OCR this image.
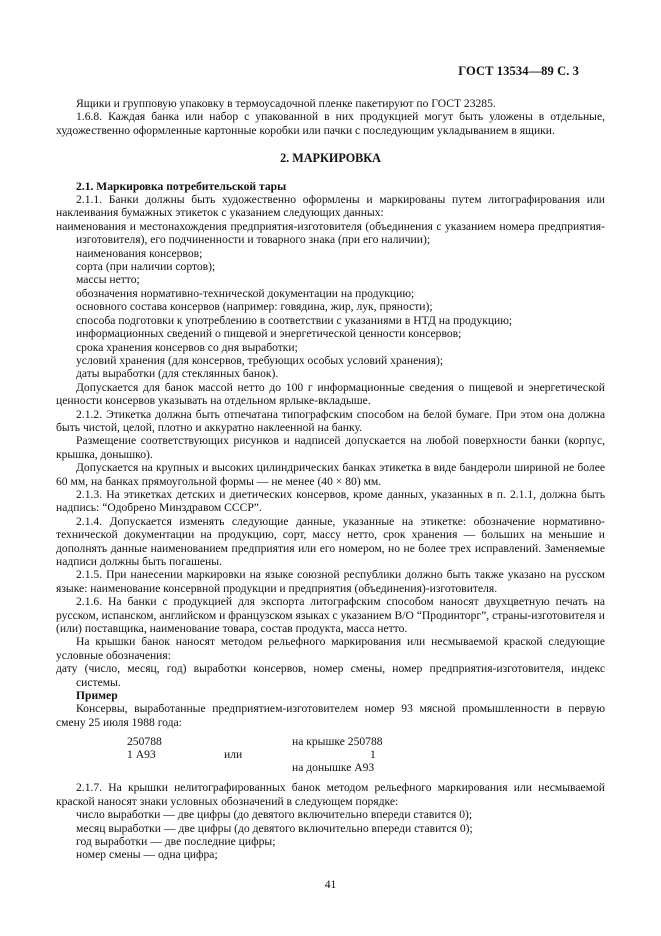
ГОСТ 13534—89 С. 3

Ящики и групповую упаковку в термоусадочной пленке пакетируют по ГОСТ 23285.

1.6.8. Каждая банка или набор с упакованной в них продукцией могут быть уложены в отдельные, художественно оформленные картонные коробки или пачки с последующим укладыванием в ящики.

2. МАРКИРОВКА

2.1. Маркировка потребительской тары

2.1.1. Банки должны быть художественно оформлены и маркированы путем литографирования или наклеивания бумажных этикеток с указанием следующих данных:

наименования и местонахождения предприятия-изготовителя (объединения с указанием номера предприятия-изготовителя), его подчиненности и товарного знака (при его наличии);

наименования консервов;

сорта (при наличии сортов);

массы нетто;

обозначения нормативно-технической документации на продукцию;

основного состава консервов (например: говядина, жир, лук, пряности);

способа подготовки к употреблению в соответствии с указаниями в НТД на продукцию;

информационных сведений о пищевой и энергетической ценности консервов;

срока хранения консервов со дня выработки;

условий хранения (для консервов, требующих особых условий хранения);

даты выработки (для стеклянных банок).

Допускается для банок массой нетто до 100 г информационные сведения о пищевой и энергетической ценности консервов указывать на отдельном ярлыке-вкладыше.

2.1.2. Этикетка должна быть отпечатана типографским способом на белой бумаге. При этом она должна быть чистой, целой, плотно и аккуратно наклеенной на банку.

Размещение соответствующих рисунков и надписей допускается на любой поверхности банки (корпус, крышка, донышко).

Допускается на крупных и высоких цилиндрических банках этикетка в виде бандероли шириной не более 60 мм, на банках прямоугольной формы — не менее (40 × 80) мм.

2.1.3. На этикетках детских и диетических консервов, кроме данных, указанных в п. 2.1.1, должна быть надпись: “Одобрено Минздравом СССР”.

2.1.4. Допускается изменять следующие данные, указанные на этикетке: обозначение нормативно-технической документации на продукцию, сорт, массу нетто, срок хранения — больших на меньшие и дополнять данные наименованием предприятия или его номером, но не более трех исправлений. Заменяемые надписи должны быть погашены.

2.1.5. При нанесении маркировки на языке союзной республики должно быть также указано на русском языке: наименование консервной продукции и предприятия (объединения)-изготовителя.

2.1.6. На банки с продукцией для экспорта литографским способом наносят двухцветную печать на русском, испанском, английском и французском языках с указанием В/О “Продинторг”, страны-изготовителя и (или) поставщика, наименование товара, состав продукта, масса нетто.

На крышки банок наносят методом рельефного маркирования или несмываемой краской следующие условные обозначения:

дату (число, месяц, год) выработки консервов, номер смены, номер предприятия-изготовителя, индекс системы.

Пример

Консервы, выработанные предприятием-изготовителем номер 93 мясной промышленности в первую смену 25 июля 1988 года:

250788
1 А93	или
на крышке 250788
1
на донышке А93

2.1.7. На крышки нелитографированных банок методом рельефного маркирования или несмываемой краской наносят знаки условных обозначений в следующем порядке:

число выработки — две цифры (до девятого включительно впереди ставится 0);

месяц выработки — две цифры (до девятого включительно впереди ставится 0);

год выработки — две последние цифры;

номер смены — одна цифра;

41
